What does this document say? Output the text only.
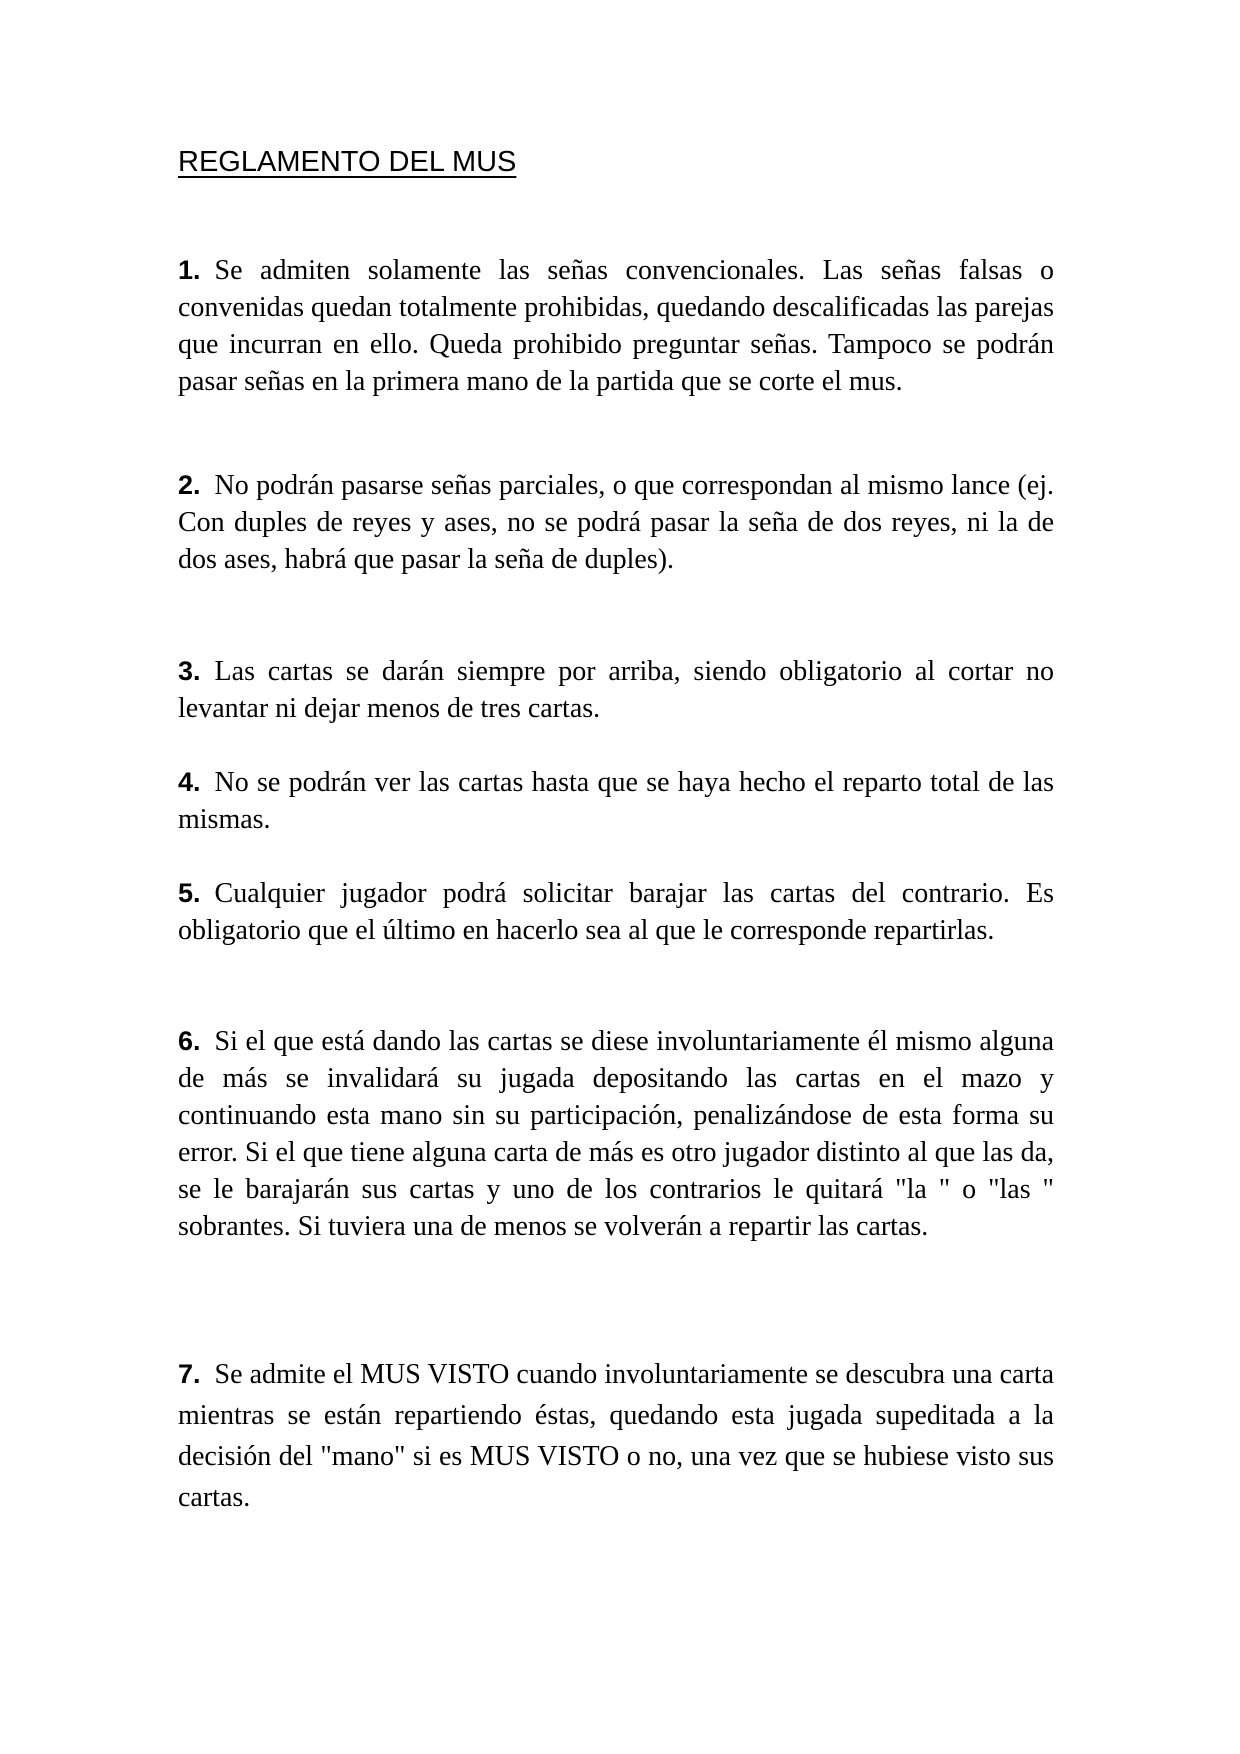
REGLAMENTO DEL MUS

1. Se admiten solamente las señas convencionales. Las señas falsas o convenidas quedan totalmente prohibidas, quedando descalificadas las parejas que incurran en ello. Queda prohibido preguntar señas. Tampoco se podrán pasar señas en la primera mano de la partida que se corte el mus.

2. No podrán pasarse señas parciales, o que correspondan al mismo lance (ej. Con duples de reyes y ases, no se podrá pasar la seña de dos reyes, ni la de dos ases, habrá que pasar la seña de duples).

3. Las cartas se darán siempre por arriba, siendo obligatorio al cortar no levantar ni dejar menos de tres cartas.

4. No se podrán ver las cartas hasta que se haya hecho el reparto total de las mismas.

5. Cualquier jugador podrá solicitar barajar las cartas del contrario. Es obligatorio que el último en hacerlo sea al que le corresponde repartirlas.

6. Si el que está dando las cartas se diese involuntariamente él mismo alguna de más se invalidará su jugada depositando las cartas en el mazo y continuando esta mano sin su participación, penalizándose de esta forma su error. Si el que tiene alguna carta de más es otro jugador distinto al que las da, se le barajarán sus cartas y uno de los contrarios le quitará "la " o "las " sobrantes. Si tuviera una de menos se volverán a repartir las cartas.

7. Se admite el MUS VISTO cuando involuntariamente se descubra una carta mientras se están repartiendo éstas, quedando esta jugada supeditada a la decisión del "mano" si es MUS VISTO o no, una vez que se hubiese visto sus cartas.
